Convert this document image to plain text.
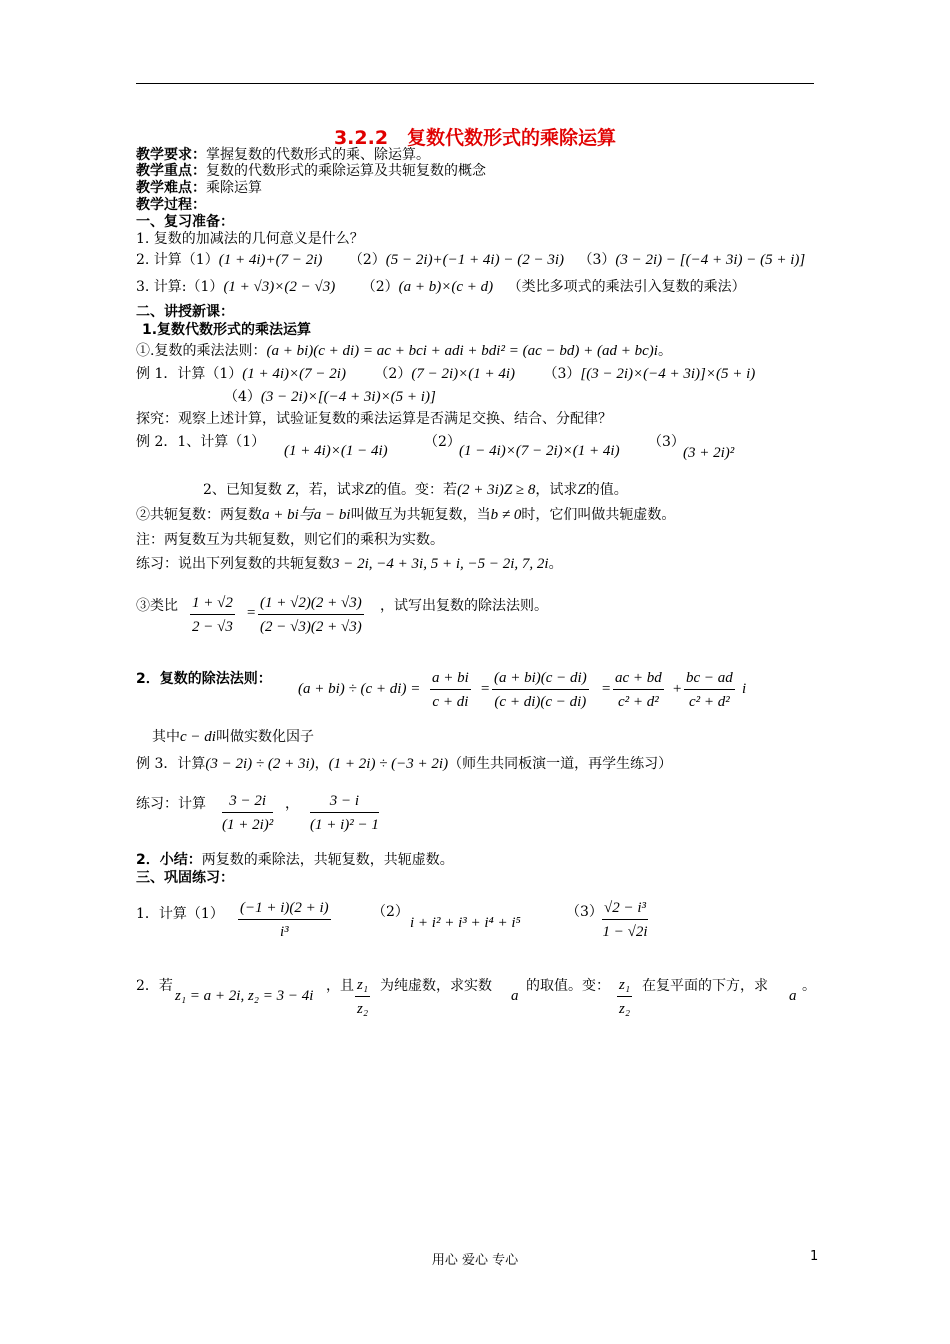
3.2.2　复数代数形式的乘除运算
教学要求：掌握复数的代数形式的乘、除运算。
教学重点：复数的代数形式的乘除运算及共轭复数的概念
教学难点：乘除运算
教学过程：
一、复习准备：
1. 复数的加减法的几何意义是什么？
2. 计算（1）(1 + 4i)+(7 − 2i) （2）(5 − 2i)+(−1 + 4i) − (2 − 3i) （3）(3 − 2i) − [(−4 + 3i) − (5 + i)]
3. 计算:（1）(1 + √3)×(2 − √3) （2）(a + b)×(c + d) （类比多项式的乘法引入复数的乘法）
二、讲授新课：
1.复数代数形式的乘法运算
①.复数的乘法法则：(a + bi)(c + di) = ac + bci + adi + bdi² = (ac − bd) + (ad + bc)i。
例 1．计算（1）(1 + 4i)×(7 − 2i) （2）(7 − 2i)×(1 + 4i) （3）[(3 − 2i)×(−4 + 3i)]×(5 + i)
（4）(3 − 2i)×[(−4 + 3i)×(5 + i)]
探究：观察上述计算，试验证复数的乘法运算是否满足交换、结合、分配律？
例 2．1、计算（1）
(1 + 4i)×(1 − 4i)
（2）
(1 − 4i)×(7 − 2i)×(1 + 4i)
（3）
(3 + 2i)²
2、已知复数 Z，若，试求Z的值。变：若(2 + 3i)Z ≥ 8，试求Z的值。
②共轭复数：两复数a + bi与a − bi叫做互为共轭复数，当b ≠ 0时，它们叫做共轭虚数。
注：两复数互为共轭复数，则它们的乘积为实数。
练习：说出下列复数的共轭复数3 − 2i, −4 + 3i, 5 + i, −5 − 2i, 7, 2i。
③类比 $\frac{1 + √2}{2 - √3} = \frac{(1 + √2)(2 + √3)}{(2 - √3)(2 + √3)}$ ，试写出复数的除法法则。
2．复数的除法法则：
$(a + bi) \div (c + di) = \frac{a + bi}{c + di} = \frac{(a + bi)(c - di)}{(c + di)(c - di)} = \frac{ac + bd}{\text{c² + d²}} + \frac{bc - ad}{\text{c² + d²}}$ i
其中c − di叫做实数化因子
例 3．计算(3 − 2i) ÷ (2 + 3i)，(1 + 2i) ÷ (−3 + 2i)（师生共同板演一道，再学生练习）
练习：计算 $\frac{3 - 2i}{\text{(1 + 2i)²}}$ ， $\frac{3 - i}{\text{(1 + i)² − 1}}$
2．小结：两复数的乘除法，共轭复数，共轭虚数。
三、巩固练习：
1．计算$(1) \frac{(-1 + i)(2 + i)}{\text{i³}}$	（2）
i + i² + i³ + i⁴ + i⁵
$(3) \frac{\text{√2 − i³}}{1 - √2i}$
2．若
z₁ = a + 2i, z₂ = 3 − 4i
，且 $\frac{\text{z₁}}{\text{z₂}}$ 为纯虚数，求实数
a
的取值。变： $\frac{\text{z₁}}{\text{z₂}}$ 在复平面的下方，求
a
。
用心 爱心 专心	1
